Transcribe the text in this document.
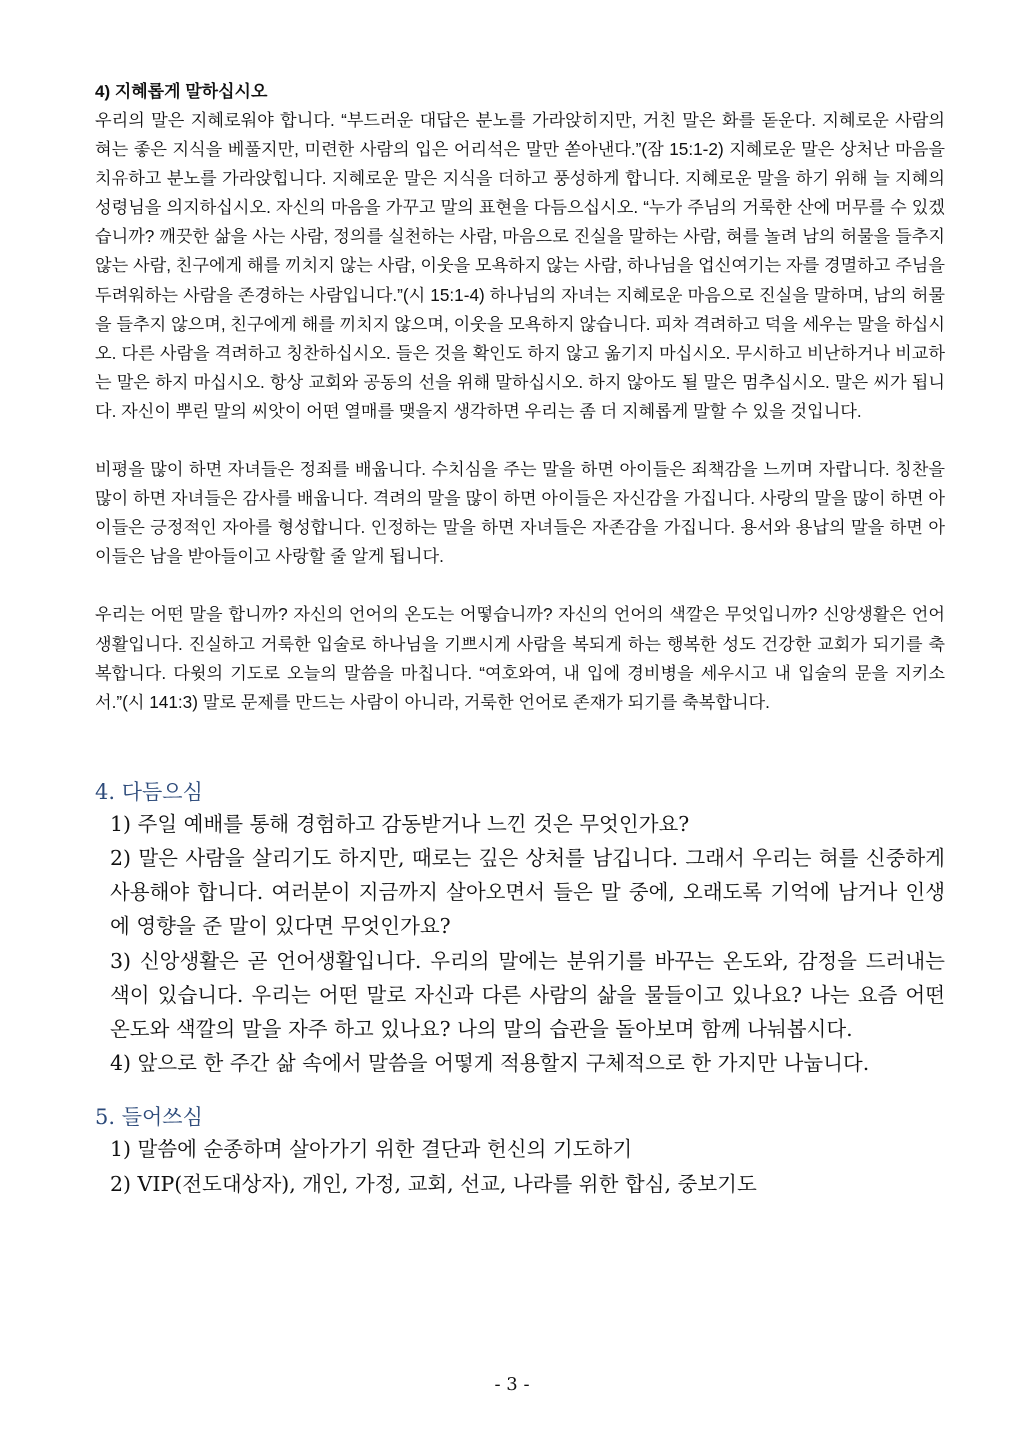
4) 지혜롭게 말하십시오

우리의 말은 지혜로워야 합니다. “부드러운 대답은 분노를 가라앉히지만, 거친 말은 화를 돋운다. 지혜로운 사람의 혀는 좋은 지식을 베풀지만, 미련한 사람의 입은 어리석은 말만 쏟아낸다.”(잠 15:1-2) 지혜로운 말은 상처난 마음을 치유하고 분노를 가라앉힙니다. 지혜로운 말은 지식을 더하고 풍성하게 합니다. 지혜로운 말을 하기 위해 늘 지혜의 성령님을 의지하십시오. 자신의 마음을 가꾸고 말의 표현을 다듬으십시오. “누가 주님의 거룩한 산에 머무를 수 있겠습니까? 깨끗한 삶을 사는 사람, 정의를 실천하는 사람, 마음으로 진실을 말하는 사람, 혀를 놀려 남의 허물을 들추지 않는 사람, 친구에게 해를 끼치지 않는 사람, 이웃을 모욕하지 않는 사람, 하나님을 업신여기는 자를 경멸하고 주님을 두려워하는 사람을 존경하는 사람입니다.”(시 15:1-4) 하나님의 자녀는 지혜로운 마음으로 진실을 말하며, 남의 허물을 들추지 않으며, 친구에게 해를 끼치지 않으며, 이웃을 모욕하지 않습니다. 피차 격려하고 덕을 세우는 말을 하십시오. 다른 사람을 격려하고 칭찬하십시오. 들은 것을 확인도 하지 않고 옮기지 마십시오. 무시하고 비난하거나 비교하는 말은 하지 마십시오. 항상 교회와 공동의 선을 위해 말하십시오. 하지 않아도 될 말은 멈추십시오. 말은 씨가 됩니다. 자신이 뿌린 말의 씨앗이 어떤 열매를 맺을지 생각하면 우리는 좀 더 지혜롭게 말할 수 있을 것입니다.

비평을 많이 하면 자녀들은 정죄를 배웁니다. 수치심을 주는 말을 하면 아이들은 죄책감을 느끼며 자랍니다. 칭찬을 많이 하면 자녀들은 감사를 배웁니다. 격려의 말을 많이 하면 아이들은 자신감을 가집니다. 사랑의 말을 많이 하면 아이들은 긍정적인 자아를 형성합니다. 인정하는 말을 하면 자녀들은 자존감을 가집니다. 용서와 용납의 말을 하면 아이들은 남을 받아들이고 사랑할 줄 알게 됩니다.

우리는 어떤 말을 합니까? 자신의 언어의 온도는 어떻습니까? 자신의 언어의 색깔은 무엇입니까? 신앙생활은 언어생활입니다. 진실하고 거룩한 입술로 하나님을 기쁘시게 사람을 복되게 하는 행복한 성도 건강한 교회가 되기를 축복합니다. 다윗의 기도로 오늘의 말씀을 마칩니다. “여호와여, 내 입에 경비병을 세우시고 내 입술의 문을 지키소서.”(시 141:3) 말로 문제를 만드는 사람이 아니라, 거룩한 언어로 존재가 되기를 축복합니다.

4. 다듬으심

1) 주일 예배를 통해 경험하고 감동받거나 느낀 것은 무엇인가요?

2) 말은 사람을 살리기도 하지만, 때로는 깊은 상처를 남깁니다. 그래서 우리는 혀를 신중하게 사용해야 합니다. 여러분이 지금까지 살아오면서 들은 말 중에, 오래도록 기억에 남거나 인생에 영향을 준 말이 있다면 무엇인가요?

3) 신앙생활은 곧 언어생활입니다. 우리의 말에는 분위기를 바꾸는 온도와, 감정을 드러내는 색이 있습니다. 우리는 어떤 말로 자신과 다른 사람의 삶을 물들이고 있나요? 나는 요즘 어떤 온도와 색깔의 말을 자주 하고 있나요? 나의 말의 습관을 돌아보며 함께 나눠봅시다.

4) 앞으로 한 주간 삶 속에서 말씀을 어떻게 적용할지 구체적으로 한 가지만 나눕니다.

5. 들어쓰심

1) 말씀에 순종하며 살아가기 위한 결단과 헌신의 기도하기

2) VIP(전도대상자), 개인, 가정, 교회, 선교, 나라를 위한 합심, 중보기도

- 3 -
